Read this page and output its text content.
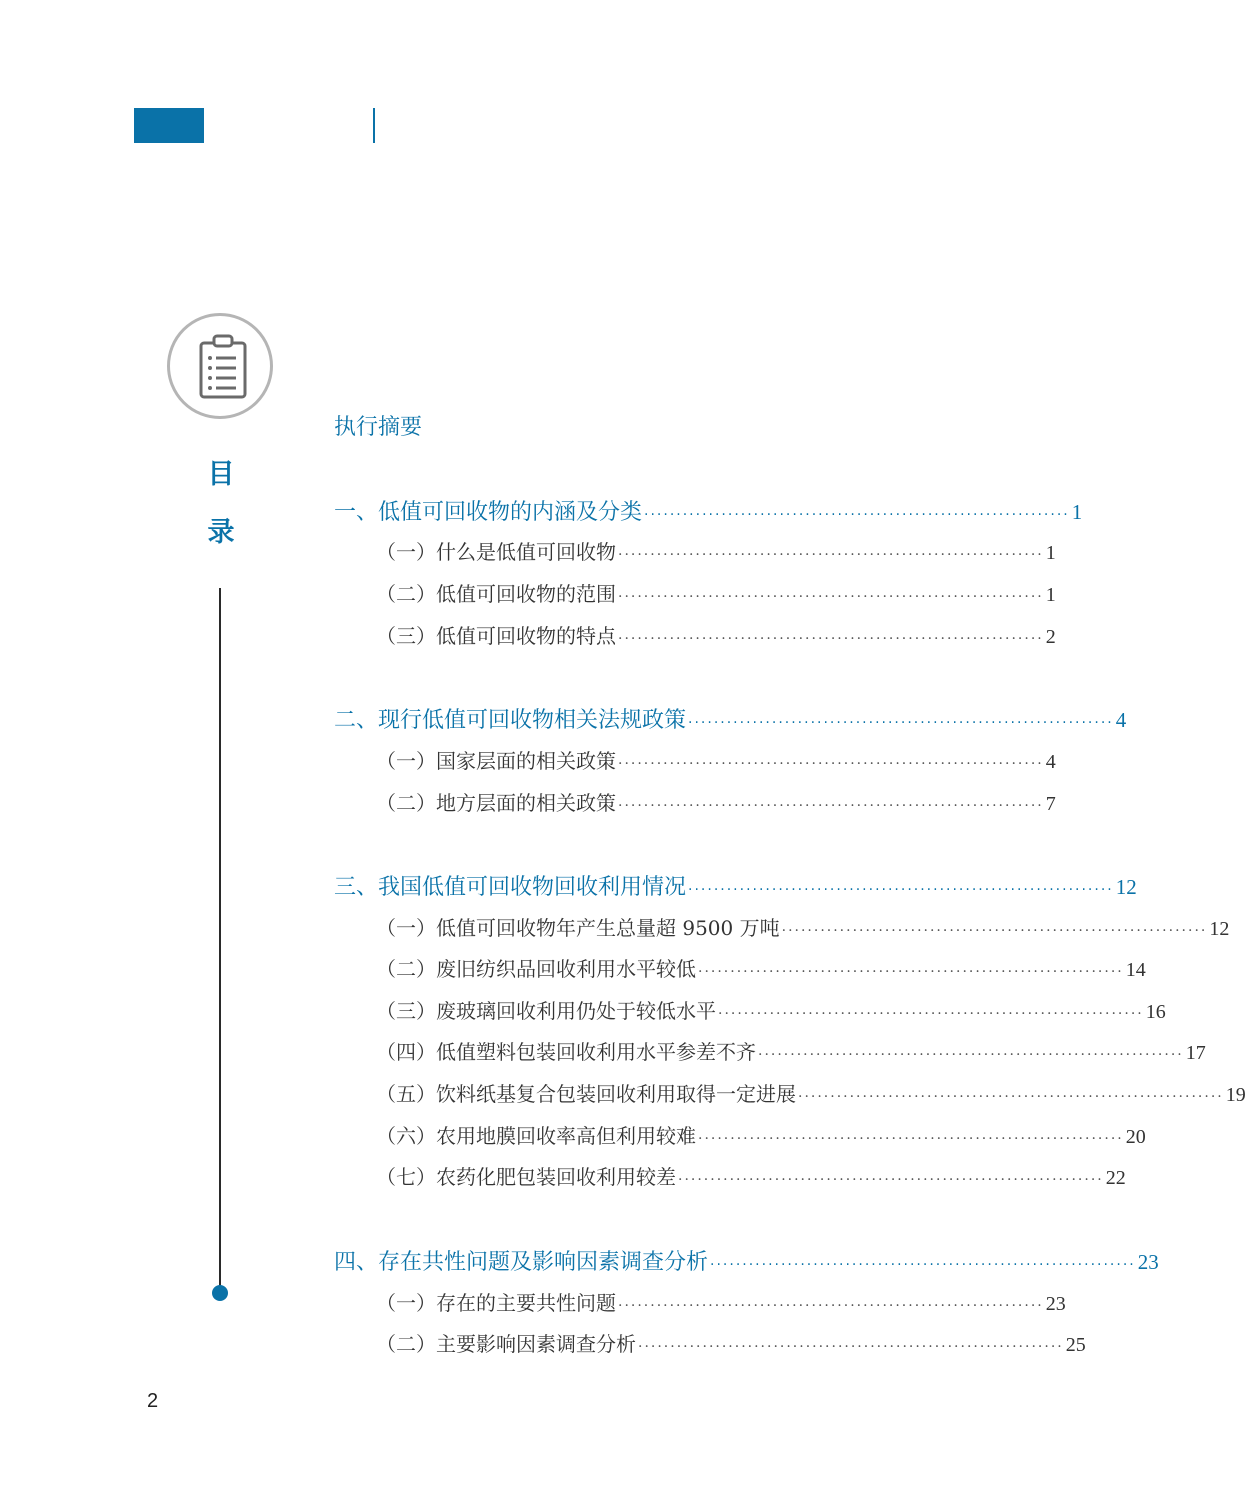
目
录
执行摘要
一、低值可回收物的内涵及分类 ·································································· 1
（一）什么是低值可回收物 ·································································· 1
（二）低值可回收物的范围 ·································································· 1
（三）低值可回收物的特点 ·································································· 2
二、现行低值可回收物相关法规政策 ·································································· 4
（一）国家层面的相关政策 ·································································· 4
（二）地方层面的相关政策 ·································································· 7
三、我国低值可回收物回收利用情况 ·································································· 12
（一）低值可回收物年产生总量超 9500 万吨 ·································································· 12
（二）废旧纺织品回收利用水平较低 ·································································· 14
（三）废玻璃回收利用仍处于较低水平 ·································································· 16
（四）低值塑料包装回收利用水平参差不齐 ·································································· 17
（五）饮料纸基复合包装回收利用取得一定进展 ·································································· 19
（六）农用地膜回收率高但利用较难 ·································································· 20
（七）农药化肥包装回收利用较差 ·································································· 22
四、存在共性问题及影响因素调查分析 ·································································· 23
（一）存在的主要共性问题 ·································································· 23
（二）主要影响因素调查分析 ·································································· 25
2
